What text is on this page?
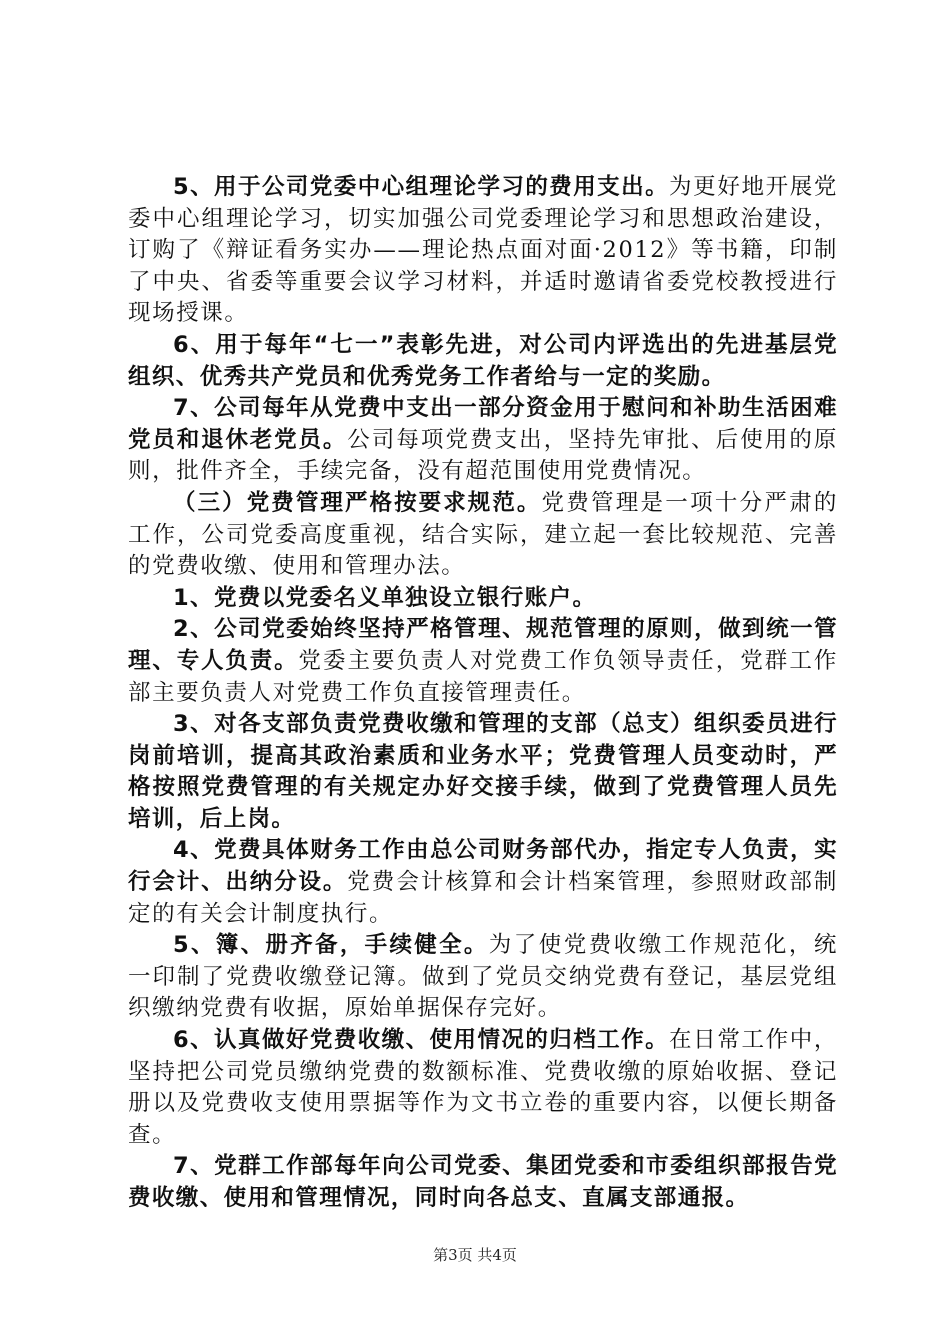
5、用于公司党委中心组理论学习的费用支出。为更好地开展党委中心组理论学习，切实加强公司党委理论学习和思想政治建设，订购了《辩证看务实办——理论热点面对面·2012》等书籍，印制了中央、省委等重要会议学习材料，并适时邀请省委党校教授进行现场授课。

6、用于每年“七一”表彰先进，对公司内评选出的先进基层党组织、优秀共产党员和优秀党务工作者给与一定的奖励。

7、公司每年从党费中支出一部分资金用于慰问和补助生活困难党员和退休老党员。公司每项党费支出，坚持先审批、后使用的原则，批件齐全，手续完备，没有超范围使用党费情况。

（三）党费管理严格按要求规范。党费管理是一项十分严肃的工作，公司党委高度重视，结合实际，建立起一套比较规范、完善的党费收缴、使用和管理办法。

1、党费以党委名义单独设立银行账户。

2、公司党委始终坚持严格管理、规范管理的原则，做到统一管理、专人负责。党委主要负责人对党费工作负领导责任，党群工作部主要负责人对党费工作负直接管理责任。

3、对各支部负责党费收缴和管理的支部（总支）组织委员进行岗前培训，提高其政治素质和业务水平；党费管理人员变动时，严格按照党费管理的有关规定办好交接手续，做到了党费管理人员先培训，后上岗。

4、党费具体财务工作由总公司财务部代办，指定专人负责，实行会计、出纳分设。党费会计核算和会计档案管理，参照财政部制定的有关会计制度执行。

5、簿、册齐备，手续健全。为了使党费收缴工作规范化，统一印制了党费收缴登记簿。做到了党员交纳党费有登记，基层党组织缴纳党费有收据，原始单据保存完好。

6、认真做好党费收缴、使用情况的归档工作。在日常工作中，坚持把公司党员缴纳党费的数额标准、党费收缴的原始收据、登记册以及党费收支使用票据等作为文书立卷的重要内容，以便长期备查。

7、党群工作部每年向公司党委、集团党委和市委组织部报告党费收缴、使用和管理情况，同时向各总支、直属支部通报。

第3页 共4页
